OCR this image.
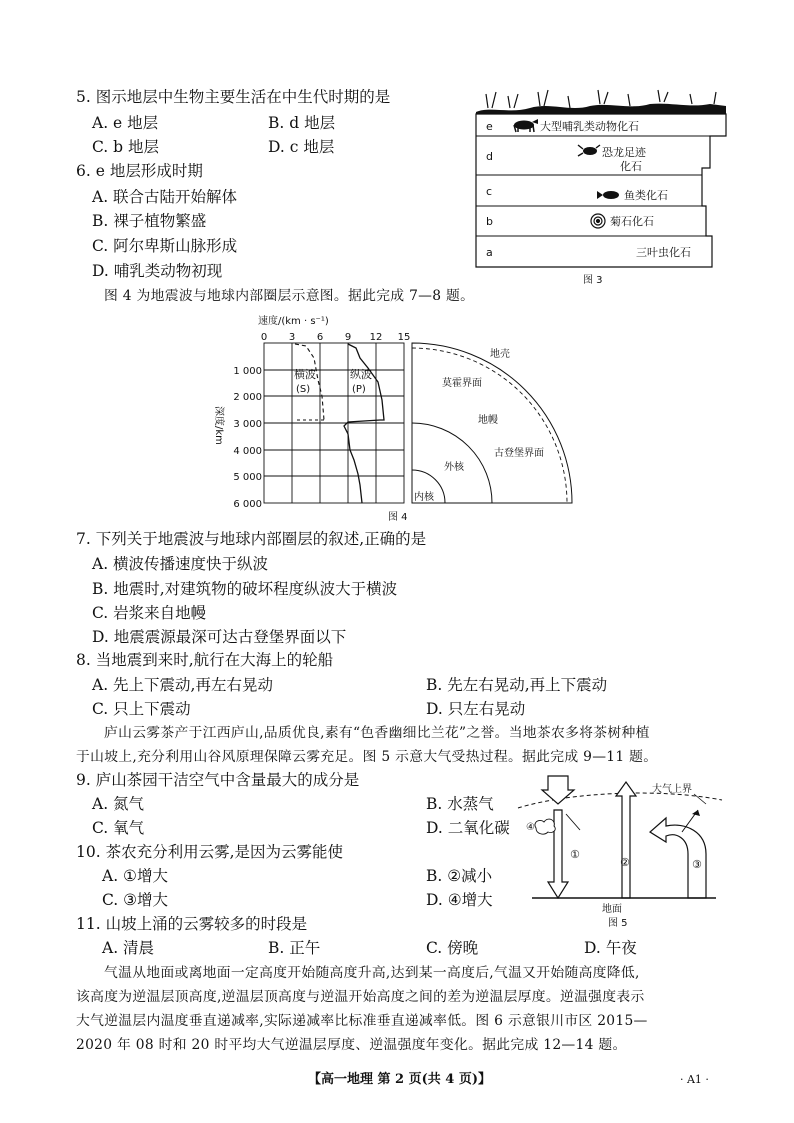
5. 图示地层中生物主要生活在中生代时期的是
A. e 地层	B. d 地层
C. b 地层	D. c 地层
6. e 地层形成时期
A. 联合古陆开始解体
B. 裸子植物繁盛
C. 阿尔卑斯山脉形成
D. 哺乳类动物初现
e
d
c
b
a
大型哺乳类动物化石
恐龙足迹
化石
鱼类化石
菊石化石
三叶虫化石
图 3
图 4 为地震波与地球内部圈层示意图。据此完成 7—8 题。
速度/(km · s⁻¹)
0 3 6 9 12 15
1 000
2 000
3 000
4 000
5 000
6 000
深度/km
横波
(S)
纵波
(P)
地壳
莫霍界面
地幔
古登堡界面
外核
内核
图 4
7. 下列关于地震波与地球内部圈层的叙述,正确的是
A. 横波传播速度快于纵波
B. 地震时,对建筑物的破坏程度纵波大于横波
C. 岩浆来自地幔
D. 地震震源最深可达古登堡界面以下
8. 当地震到来时,航行在大海上的轮船
A. 先上下震动,再左右晃动	B. 先左右晃动,再上下震动
C. 只上下震动	D. 只左右晃动
庐山云雾茶产于江西庐山,品质优良,素有“色香幽细比兰花”之誉。当地茶农多将茶树种植
于山坡上,充分利用山谷风原理保障云雾充足。图 5 示意大气受热过程。据此完成 9—11 题。
大气上界
①
④
②	③
地面
图 5
9. 庐山茶园干洁空气中含量最大的成分是
A. 氮气	B. 水蒸气
C. 氧气	D. 二氧化碳
10. 茶农充分利用云雾,是因为云雾能使
A. ①增大	B. ②减小
C. ③增大	D. ④增大
11. 山坡上涌的云雾较多的时段是
A. 清晨	B. 正午	C. 傍晚	D. 午夜
气温从地面或离地面一定高度开始随高度升高,达到某一高度后,气温又开始随高度降低,
该高度为逆温层顶高度,逆温层顶高度与逆温开始高度之间的差为逆温层厚度。逆温强度表示
大气逆温层内温度垂直递减率,实际递减率比标准垂直递减率低。图 6 示意银川市区 2015—
2020 年 08 时和 20 时平均大气逆温层厚度、逆温强度年变化。据此完成 12—14 题。
【高一地理 第 2 页(共 4 页)】	· A1 ·
